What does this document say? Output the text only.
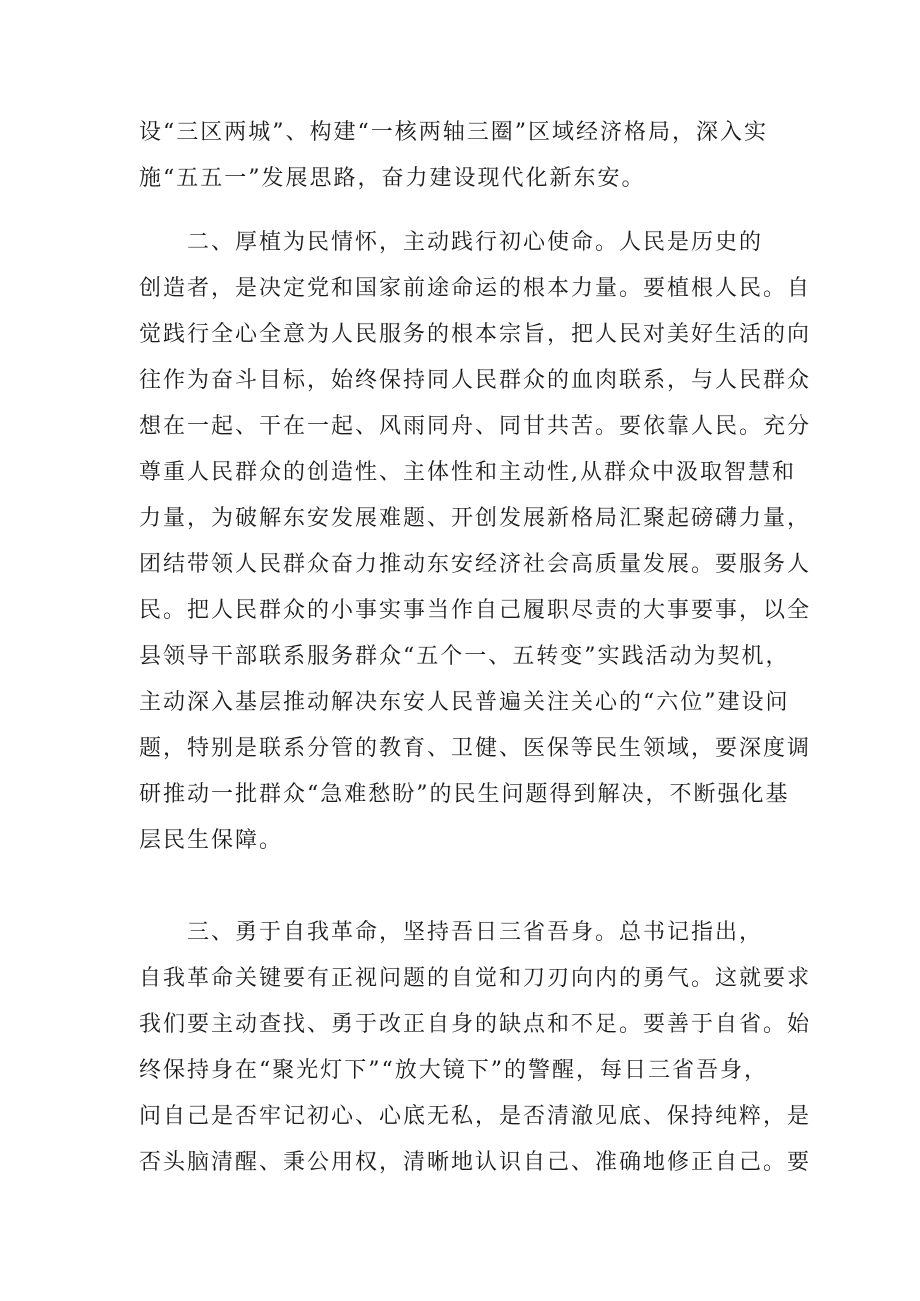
设“三区两城”、构建“一核两轴三圈”区域经济格局，深入实
施“五五一”发展思路，奋力建设现代化新东安。
　　二、厚植为民情怀，主动践行初心使命。人民是历史的
创造者，是决定党和国家前途命运的根本力量。要植根人民。自
觉践行全心全意为人民服务的根本宗旨，把人民对美好生活的向
往作为奋斗目标，始终保持同人民群众的血肉联系，与人民群众
想在一起、干在一起、风雨同舟、同甘共苦。要依靠人民。充分
尊重人民群众的创造性、主体性和主动性,从群众中汲取智慧和
力量，为破解东安发展难题、开创发展新格局汇聚起磅礴力量，
团结带领人民群众奋力推动东安经济社会高质量发展。要服务人
民。把人民群众的小事实事当作自己履职尽责的大事要事，以全
县领导干部联系服务群众“五个一、五转变”实践活动为契机，
主动深入基层推动解决东安人民普遍关注关心的“六位”建设问
题，特别是联系分管的教育、卫健、医保等民生领域，要深度调
研推动一批群众“急难愁盼”的民生问题得到解决，不断强化基
层民生保障。
　　三、勇于自我革命，坚持吾日三省吾身。总书记指出，
自我革命关键要有正视问题的自觉和刀刃向内的勇气。这就要求
我们要主动查找、勇于改正自身的缺点和不足。要善于自省。始
终保持身在“聚光灯下”“放大镜下”的警醒，每日三省吾身，
问自己是否牢记初心、心底无私，是否清澈见底、保持纯粹，是
否头脑清醒、秉公用权，清晰地认识自己、准确地修正自己。要
